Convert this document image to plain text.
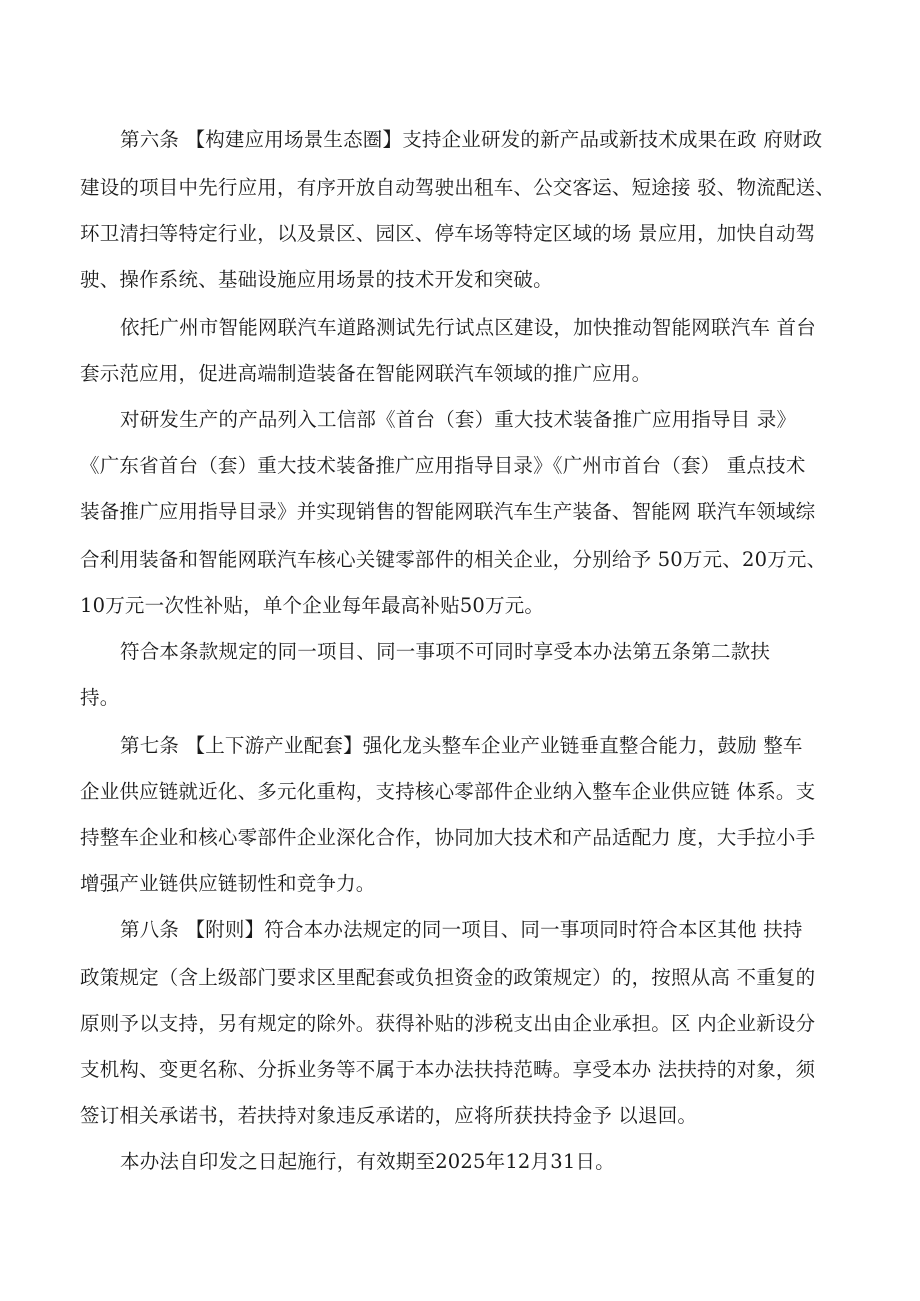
第六条 【构建应用场景生态圈】支持企业研发的新产品或新技术成果在政 府财政
建设的项目中先行应用，有序开放自动驾驶出租车、公交客运、短途接 驳、物流配送、
环卫清扫等特定行业，以及景区、园区、停车场等特定区域的场 景应用，加快自动驾
驶、操作系统、基础设施应用场景的技术开发和突破。
依托广州市智能网联汽车道路测试先行试点区建设，加快推动智能网联汽车 首台
套示范应用，促进高端制造装备在智能网联汽车领域的推广应用。
对研发生产的产品列入工信部《首台（套）重大技术装备推广应用指导目 录》
《广东省首台（套）重大技术装备推广应用指导目录》《广州市首台（套） 重点技术
装备推广应用指导目录》并实现销售的智能网联汽车生产装备、智能网 联汽车领域综
合利用装备和智能网联汽车核心关键零部件的相关企业，分别给予 50万元、20万元、
10万元一次性补贴，单个企业每年最高补贴50万元。
符合本条款规定的同一项目、同一事项不可同时享受本办法第五条第二款扶
持。
第七条 【上下游产业配套】强化龙头整车企业产业链垂直整合能力，鼓励 整车
企业供应链就近化、多元化重构，支持核心零部件企业纳入整车企业供应链 体系。支
持整车企业和核心零部件企业深化合作，协同加大技术和产品适配力 度，大手拉小手
增强产业链供应链韧性和竞争力。
第八条 【附则】符合本办法规定的同一项目、同一事项同时符合本区其他 扶持
政策规定（含上级部门要求区里配套或负担资金的政策规定）的，按照从高 不重复的
原则予以支持，另有规定的除外。获得补贴的涉税支出由企业承担。区 内企业新设分
支机构、变更名称、分拆业务等不属于本办法扶持范畴。享受本办 法扶持的对象，须
签订相关承诺书，若扶持对象违反承诺的，应将所获扶持金予 以退回。
本办法自印发之日起施行，有效期至2025年12月31日。
